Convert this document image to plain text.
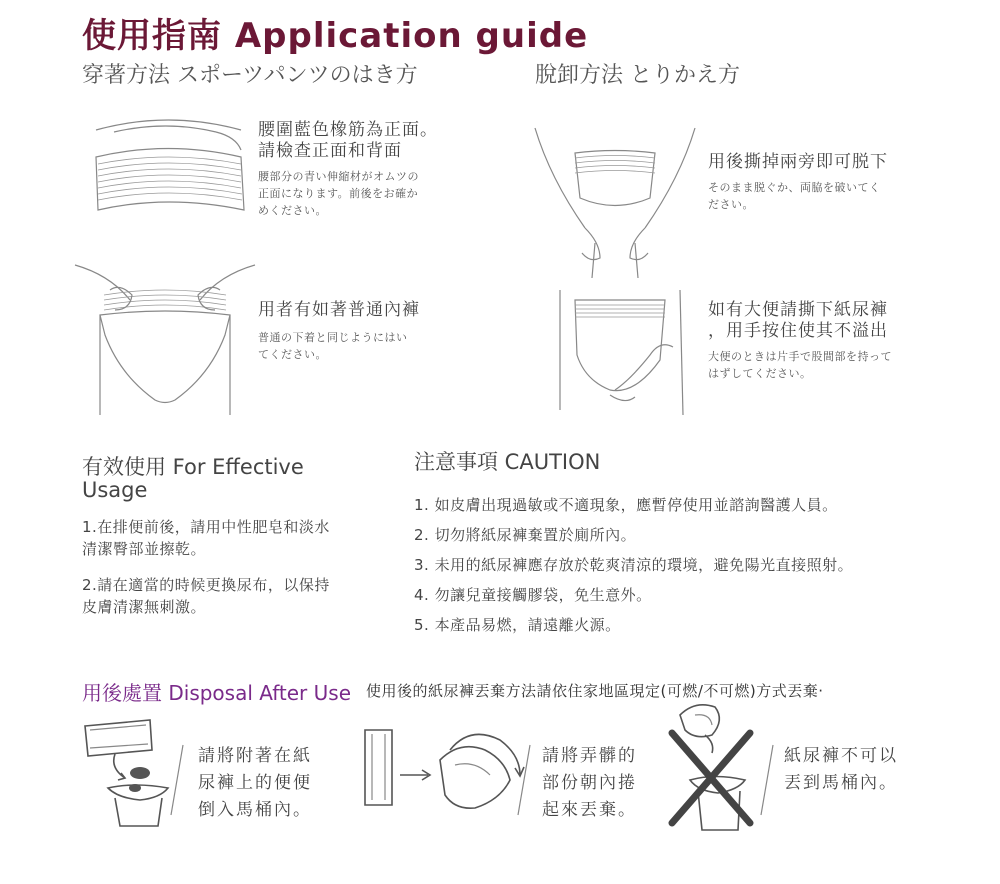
使用指南 Application guide
穿著方法 スポーツパンツのはき方	脫卸方法 とりかえ方
腰圍藍色橡筋為正面。
請檢查正面和背面
腰部分の青い伸縮材がオムツの
正面になります。前後をお確か
めください。
用者有如著普通內褲
普通の下着と同じようにはい
てください。
用後撕掉兩旁即可脱下
そのまま脱ぐか、両脇を破いてく
ださい。
如有大便請撕下紙尿褲
，用手按住使其不溢出
大便のときは片手で股間部を持って
はずしてください。
有效使用 For Effective
Usage
1.在排便前後，請用中性肥皂和淡水
清潔臀部並擦乾。
2.請在適當的時候更換尿布，以保持
皮膚清潔無刺激。
注意事項 CAUTION
1. 如皮膚出現過敏或不適現象，應暫停使用並諮詢醫護人員。
2. 切勿將紙尿褲棄置於廁所內。
3. 未用的紙尿褲應存放於乾爽清涼的環境，避免陽光直接照射。
4. 勿讓兒童接觸膠袋，免生意外。
5. 本產品易燃，請遠離火源。
用後處置 Disposal After Use 使用後的紙尿褲丟棄方法請依住家地區現定(可燃/不可燃)方式丟棄·
請將附著在紙
尿褲上的便便
倒入馬桶內。
請將弄髒的
部份朝內捲
起來丟棄。
紙尿褲不可以
丟到馬桶內。
